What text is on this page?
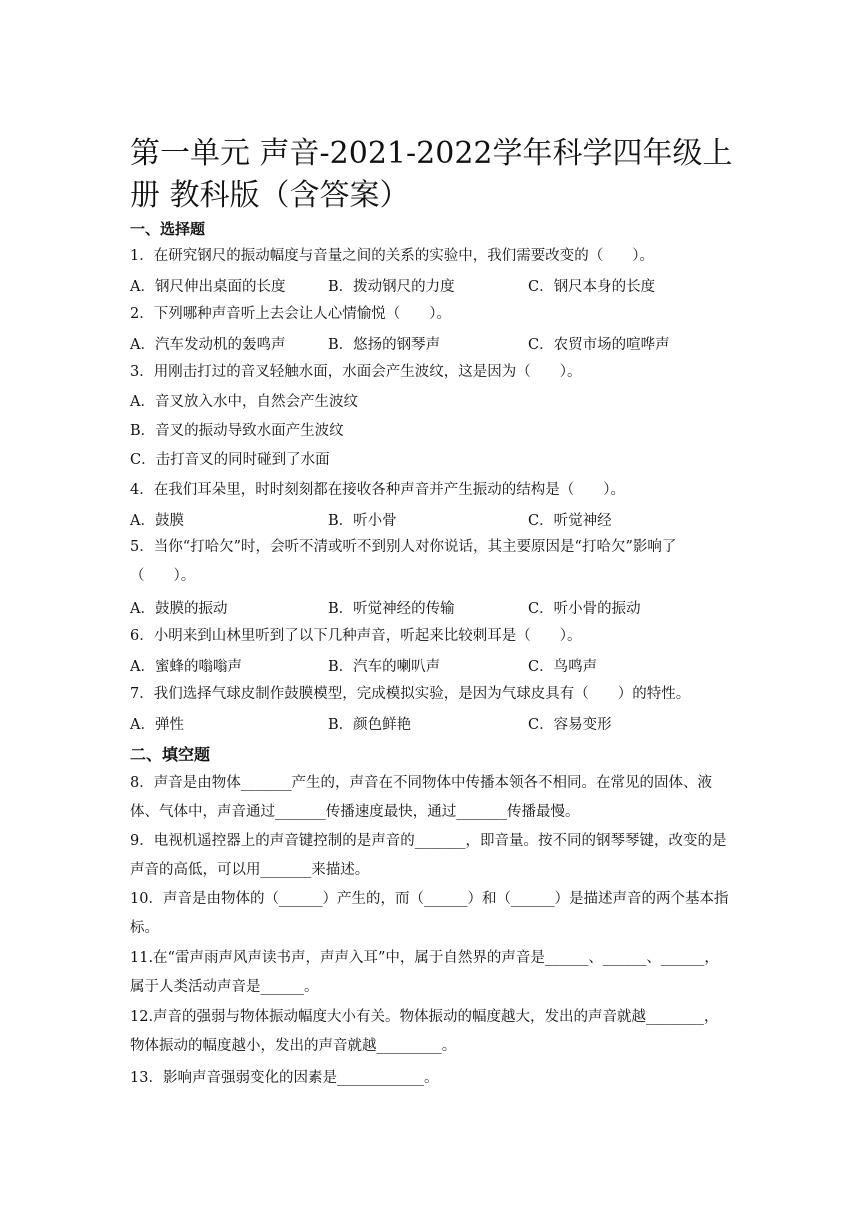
第一单元 声音-2021-2022学年科学四年级上册 教科版（含答案）
一、选择题
1．在研究钢尺的振动幅度与音量之间的关系的实验中，我们需要改变的（　　）。
A．钢尺伸出桌面的长度	B．拨动钢尺的力度	C．钢尺本身的长度
2．下列哪种声音听上去会让人心情愉悦（　　）。
A．汽车发动机的轰鸣声	B．悠扬的钢琴声	C．农贸市场的喧哗声
3．用刚击打过的音叉轻触水面，水面会产生波纹，这是因为（　　）。
A．音叉放入水中，自然会产生波纹
B．音叉的振动导致水面产生波纹
C．击打音叉的同时碰到了水面
4．在我们耳朵里，时时刻刻都在接收各种声音并产生振动的结构是（　　）。
A．鼓膜	B．听小骨	C．听觉神经
5．当你“打哈欠”时，会听不清或听不到别人对你说话，其主要原因是“打哈欠”影响了（　　）。
A．鼓膜的振动	B．听觉神经的传输	C．听小骨的振动
6．小明来到山林里听到了以下几种声音，听起来比较刺耳是（　　）。
A．蜜蜂的嗡嗡声	B．汽车的喇叭声	C．鸟鸣声
7．我们选择气球皮制作鼓膜模型，完成模拟实验，是因为气球皮具有（　　）的特性。
A．弹性	B．颜色鲜艳	C．容易变形
二、填空题
8．声音是由物体_______产生的，声音在不同物体中传播本领各不相同。在常见的固体、液体、气体中，声音通过_______传播速度最快，通过_______传播最慢。
9．电视机遥控器上的声音键控制的是声音的_______，即音量。按不同的钢琴琴键，改变的是声音的高低，可以用_______来描述。
10．声音是由物体的（______）产生的，而（______）和（______）是描述声音的两个基本指标。
11.在“雷声雨声风声读书声，声声入耳”中，属于自然界的声音是______、______、______，属于人类活动声音是______。
12.声音的强弱与物体振动幅度大小有关。物体振动的幅度越大，发出的声音就越________，物体振动的幅度越小，发出的声音就越_________。
13．影响声音强弱变化的因素是____________。
